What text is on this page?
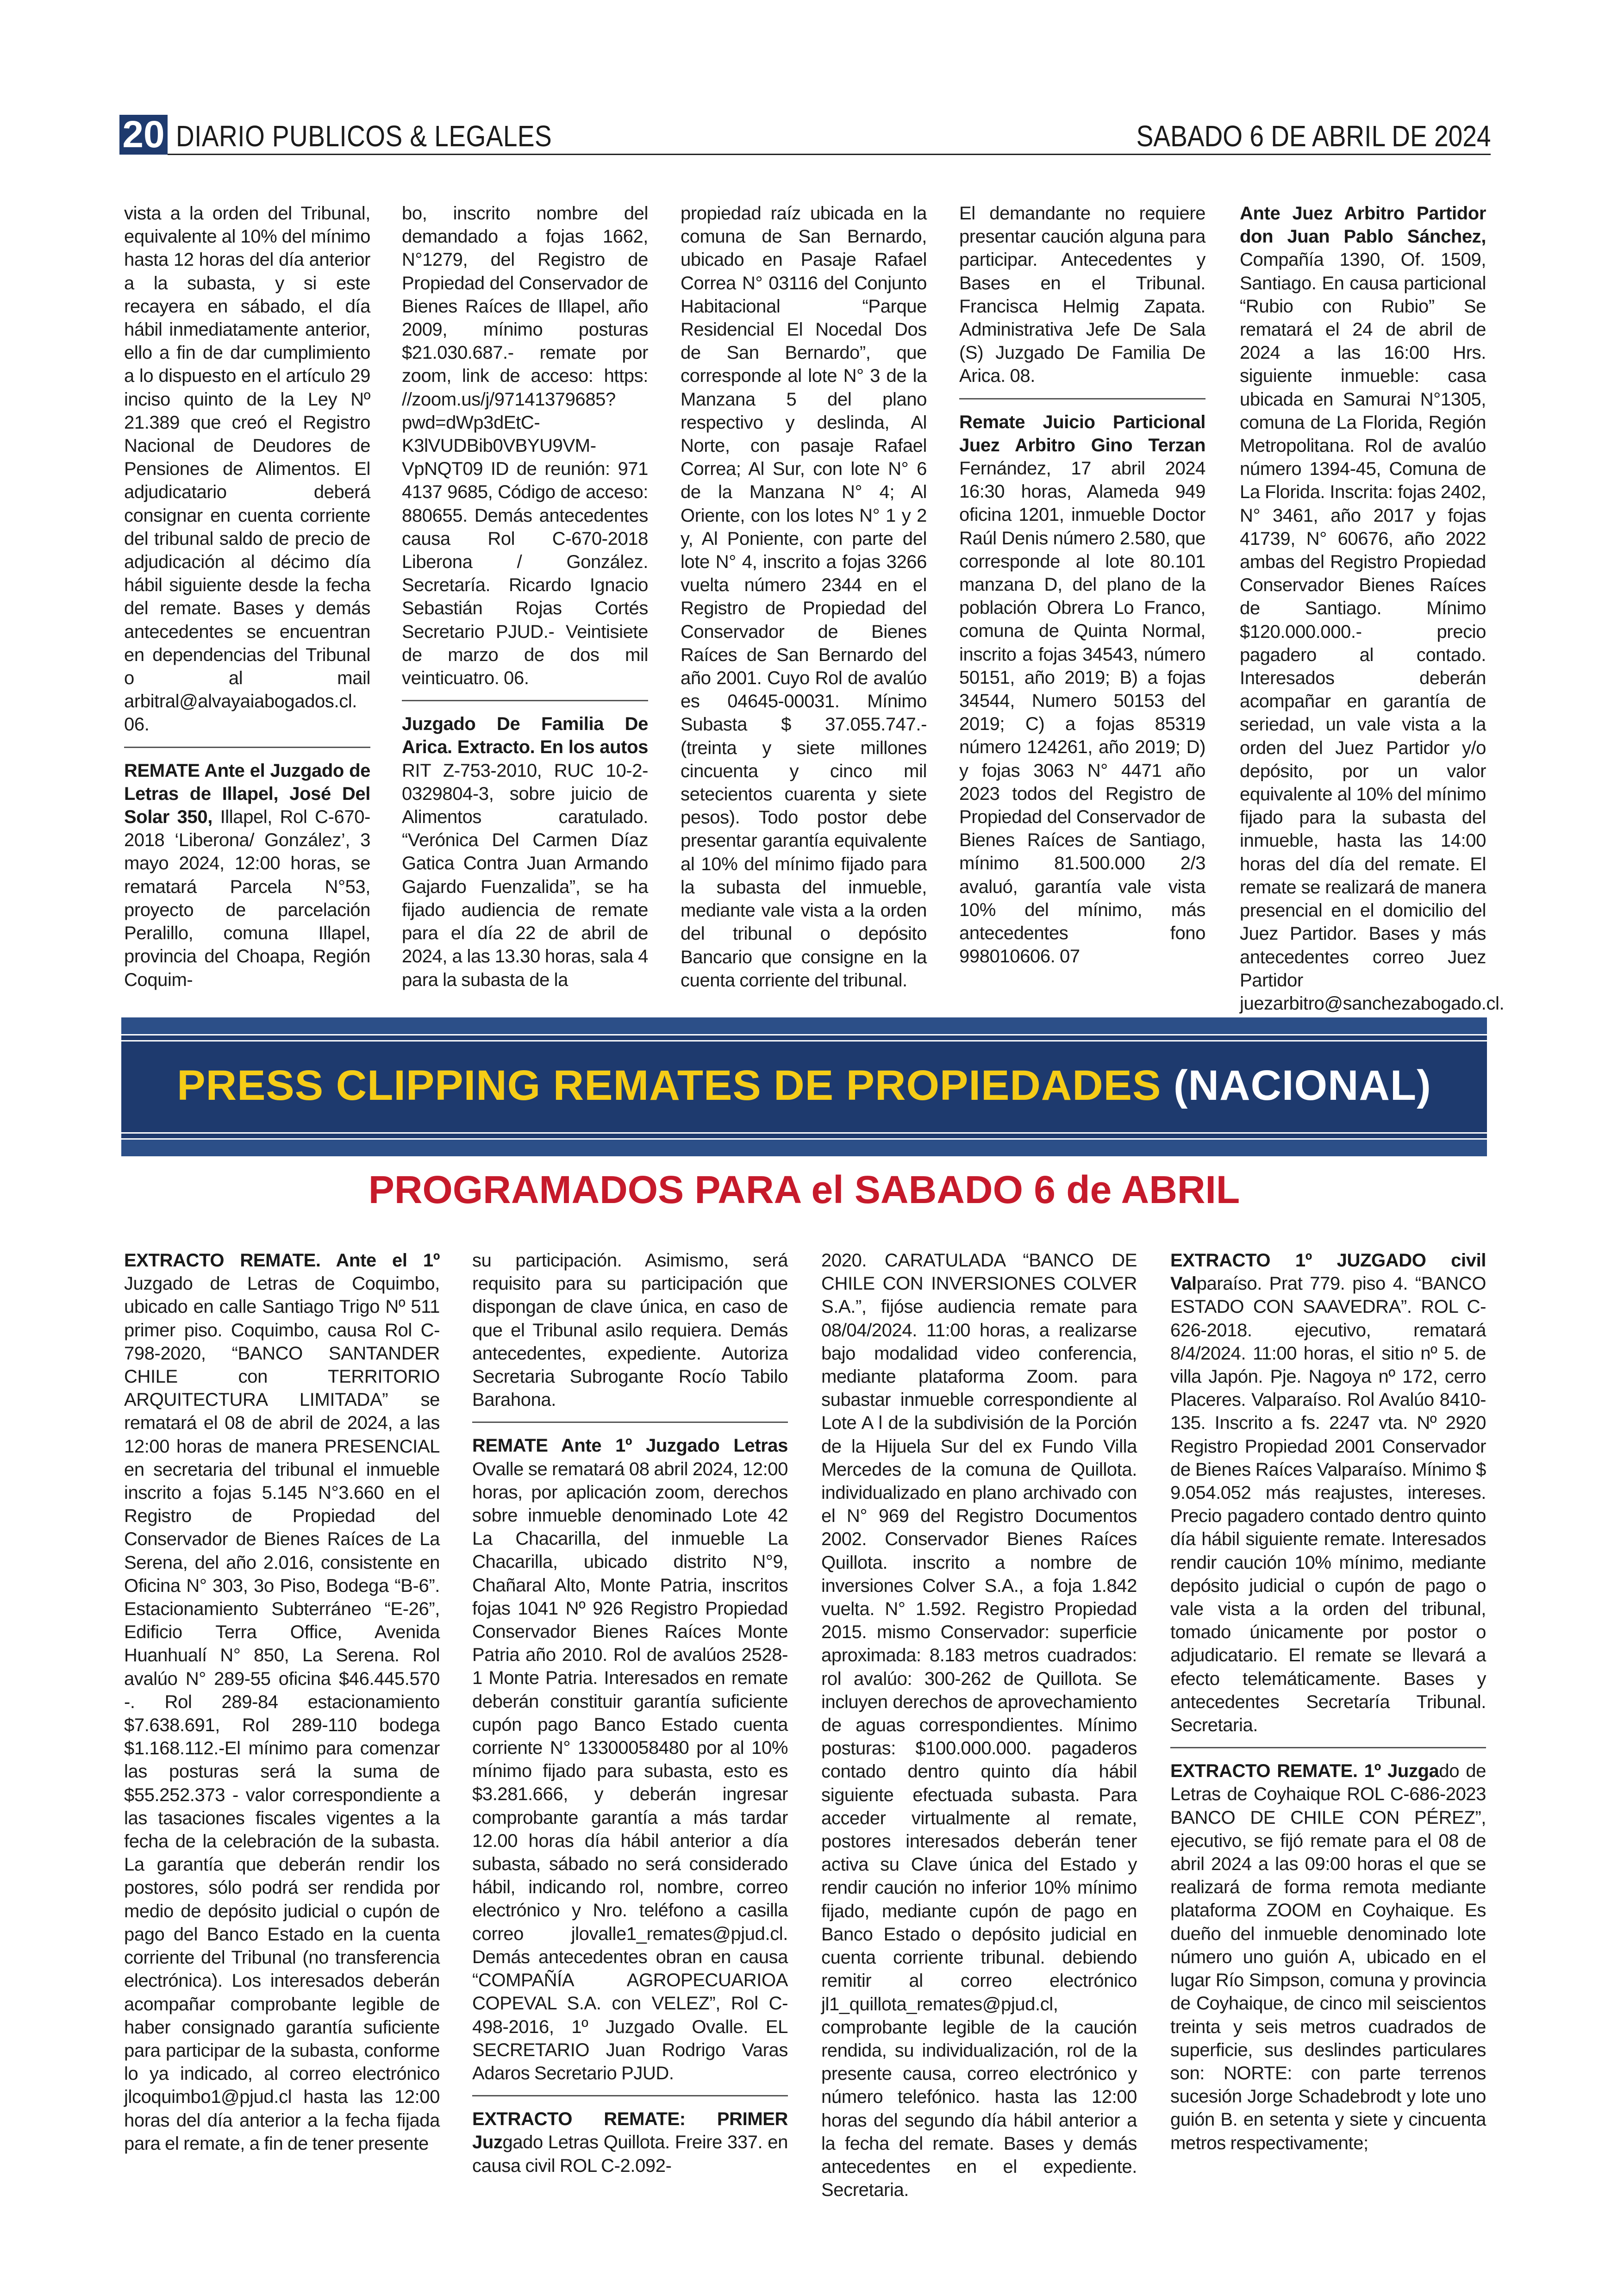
20 DIARIO PUBLICOS & LEGALES	SABADO 6 DE ABRIL DE 2024

vista a la orden del Tribunal, equivalente al 10% del mínimo hasta 12 horas del día anterior a la subasta, y si este recayera en sábado, el día hábil inmediatamente anterior, ello a fin de dar cumplimiento a lo dispuesto en el artículo 29 inciso quinto de la Ley Nº 21.389 que creó el Registro Nacional de Deudores de Pensiones de Alimentos. El adjudicatario deberá consignar en cuenta corriente del tribunal saldo de precio de adjudicación al décimo día hábil siguiente desde la fecha del remate. Bases y demás antecedentes se encuentran en dependencias del Tribunal o al mail arbitral@alvayaiabogados.cl. 06.

REMATE Ante el Juzgado de Letras de Illapel, José Del Solar 350, Illapel, Rol C-670-2018 ‘Liberona/ González’, 3 mayo 2024, 12:00 horas, se rematará Parcela N°53, proyecto de parcelación Peralillo, comuna Illapel, provincia del Choapa, Región Coquim-

bo, inscrito nombre del demandado a fojas 1662, N°1279, del Registro de Propiedad del Conservador de Bienes Raíces de Illapel, año 2009, mínimo posturas $21.030.687.- remate por zoom, link de acceso: https: //zoom.us/j/97141379685?pwd=dWp3dEtC-K3lVUDBib0VBYU9VM-VpNQT09 ID de reunión: 971 4137 9685, Código de acceso: 880655. Demás antecedentes causa Rol C-670-2018 Liberona / González. Secretaría. Ricardo Ignacio Sebastián Rojas Cortés Secretario PJUD.- Veintisiete de marzo de dos mil veinticuatro. 06.

Juzgado De Familia De Arica. Extracto. En los autos RIT Z-753-2010, RUC 10-2-0329804-3, sobre juicio de Alimentos caratulado. “Verónica Del Carmen Díaz Gatica Contra Juan Armando Gajardo Fuenzalida”, se ha fijado audiencia de remate para el día 22 de abril de 2024, a las 13.30 horas, sala 4 para la subasta de la

propiedad raíz ubicada en la comuna de San Bernardo, ubicado en Pasaje Rafael Correa N° 03116 del Conjunto Habitacional “Parque Residencial El Nocedal Dos de San Bernardo”, que corresponde al lote N° 3 de la Manzana 5 del plano respectivo y deslinda, Al Norte, con pasaje Rafael Correa; Al Sur, con lote N° 6 de la Manzana N° 4; Al Oriente, con los lotes N° 1 y 2 y, Al Poniente, con parte del lote N° 4, inscrito a fojas 3266 vuelta número 2344 en el Registro de Propiedad del Conservador de Bienes Raíces de San Bernardo del año 2001. Cuyo Rol de avalúo es 04645-00031. Mínimo Subasta $ 37.055.747.- (treinta y siete millones cincuenta y cinco mil setecientos cuarenta y siete pesos). Todo postor debe presentar garantía equivalente al 10% del mínimo fijado para la subasta del inmueble, mediante vale vista a la orden del tribunal o depósito Bancario que consigne en la cuenta corriente del tribunal.

El demandante no requiere presentar caución alguna para participar. Antecedentes y Bases en el Tribunal. Francisca Helmig Zapata. Administrativa Jefe De Sala (S) Juzgado De Familia De Arica. 08.

Remate Juicio Particional Juez Arbitro Gino Terzan Fernández, 17 abril 2024 16:30 horas, Alameda 949 oficina 1201, inmueble Doctor Raúl Denis número 2.580, que corresponde al lote 80.101 manzana D, del plano de la población Obrera Lo Franco, comuna de Quinta Normal, inscrito a fojas 34543, número 50151, año 2019; B) a fojas 34544, Numero 50153 del 2019; C) a fojas 85319 número 124261, año 2019; D) y fojas 3063 N° 4471 año 2023 todos del Registro de Propiedad del Conservador de Bienes Raíces de Santiago, mínimo 81.500.000 2/3 avaluó, garantía vale vista 10% del mínimo, más antecedentes fono 998010606. 07

Ante Juez Arbitro Partidor don Juan Pablo Sánchez, Compañía 1390, Of. 1509, Santiago. En causa particional “Rubio con Rubio” Se rematará el 24 de abril de 2024 a las 16:00 Hrs. siguiente inmueble: casa ubicada en Samurai N°1305, comuna de La Florida, Región Metropolitana. Rol de avalúo número 1394-45, Comuna de La Florida. Inscrita: fojas 2402, N° 3461, año 2017 y fojas 41739, N° 60676, año 2022 ambas del Registro Propiedad Conservador Bienes Raíces de Santiago. Mínimo $120.000.000.- precio pagadero al contado. Interesados deberán acompañar en garantía de seriedad, un vale vista a la orden del Juez Partidor y/o depósito, por un valor equivalente al 10% del mínimo fijado para la subasta del inmueble, hasta las 14:00 horas del día del remate. El remate se realizará de manera presencial en el domicilio del Juez Partidor. Bases y más antecedentes correo Juez Partidor juezarbitro@sanchezabogado.cl.

PRESS CLIPPING REMATES DE PROPIEDADES (NACIONAL)
PROGRAMADOS PARA el SABADO 6 de ABRIL

EXTRACTO REMATE. Ante el 1º Juzgado de Letras de Coquimbo, ubicado en calle Santiago Trigo Nº 511 primer piso. Coquimbo, causa Rol C-798-2020, “BANCO SANTANDER CHILE con TERRITORIO ARQUITECTURA LIMITADA” se rematará el 08 de abril de 2024, a las 12:00 horas de manera PRESENCIAL en secretaria del tribunal el inmueble inscrito a fojas 5.145 N°3.660 en el Registro de Propiedad del Conservador de Bienes Raíces de La Serena, del año 2.016, consistente en Oficina N° 303, 3o Piso, Bodega “B-6”. Estacionamiento Subterráneo “E-26”, Edificio Terra Office, Avenida Huanhualí N° 850, La Serena. Rol avalúo N° 289-55 oficina $46.445.570 -. Rol 289-84 estacionamiento $7.638.691, Rol 289-110 bodega $1.168.112.-El mínimo para comenzar las posturas será la suma de $55.252.373 - valor correspondiente a las tasaciones fiscales vigentes a la fecha de la celebración de la subasta. La garantía que deberán rendir los postores, sólo podrá ser rendida por medio de depósito judicial o cupón de pago del Banco Estado en la cuenta corriente del Tribunal (no transferencia electrónica). Los interesados deberán acompañar comprobante legible de haber consignado garantía suficiente para participar de la subasta, conforme lo ya indicado, al correo electrónico jlcoquimbo1@pjud.cl hasta las 12:00 horas del día anterior a la fecha fijada para el remate, a fin de tener presente

su participación. Asimismo, será requisito para su participación que dispongan de clave única, en caso de que el Tribunal asilo requiera. Demás antecedentes, expediente. Autoriza Secretaria Subrogante Rocío Tabilo Barahona.

REMATE Ante 1º Juzgado Letras Ovalle se rematará 08 abril 2024, 12:00 horas, por aplicación zoom, derechos sobre inmueble denominado Lote 42 La Chacarilla, del inmueble La Chacarilla, ubicado distrito N°9, Chañaral Alto, Monte Patria, inscritos fojas 1041 Nº 926 Registro Propiedad Conservador Bienes Raíces Monte Patria año 2010. Rol de avalúos 2528-1 Monte Patria. Interesados en remate deberán constituir garantía suficiente cupón pago Banco Estado cuenta corriente N° 13300058480 por al 10% mínimo fijado para subasta, esto es $3.281.666, y deberán ingresar comprobante garantía a más tardar 12.00 horas día hábil anterior a día subasta, sábado no será considerado hábil, indicando rol, nombre, correo electrónico y Nro. teléfono a casilla correo jlovalle1_remates@pjud.cl. Demás antecedentes obran en causa “COMPAÑÍA AGROPECUARIOA COPEVAL S.A. con VELEZ”, Rol C-498-2016, 1º Juzgado Ovalle. EL SECRETARIO Juan Rodrigo Varas Adaros Secretario PJUD.

EXTRACTO REMATE: PRIMER Juzgado Letras Quillota. Freire 337. en causa civil ROL C-2.092-

2020. CARATULADA “BANCO DE CHILE CON INVERSIONES COLVER S.A.”, fijóse audiencia remate para 08/04/2024. 11:00 horas, a realizarse bajo modalidad video conferencia, mediante plataforma Zoom. para subastar inmueble correspondiente al Lote A l de la subdivisión de la Porción de la Hijuela Sur del ex Fundo Villa Mercedes de la comuna de Quillota. individualizado en plano archivado con el N° 969 del Registro Documentos 2002. Conservador Bienes Raíces Quillota. inscrito a nombre de inversiones Colver S.A., a foja 1.842 vuelta. N° 1.592. Registro Propiedad 2015. mismo Conservador: superficie aproximada: 8.183 metros cuadrados: rol avalúo: 300-262 de Quillota. Se incluyen derechos de aprovechamiento de aguas correspondientes. Mínimo posturas: $100.000.000. pagaderos contado dentro quinto día hábil siguiente efectuada subasta. Para acceder virtualmente al remate, postores interesados deberán tener activa su Clave única del Estado y rendir caución no inferior 10% mínimo fijado, mediante cupón de pago en Banco Estado o depósito judicial en cuenta corriente tribunal. debiendo remitir al correo electrónico jl1_quillota_remates@pjud.cl, comprobante legible de la caución rendida, su individualización, rol de la presente causa, correo electrónico y número telefónico. hasta las 12:00 horas del segundo día hábil anterior a la fecha del remate. Bases y demás antecedentes en el expediente. Secretaria.

EXTRACTO 1º JUZGADO civil Valparaíso. Prat 779. piso 4. “BANCO ESTADO CON SAAVEDRA”. ROL C-626-2018. ejecutivo, rematará 8/4/2024. 11:00 horas, el sitio nº 5. de villa Japón. Pje. Nagoya nº 172, cerro Placeres. Valparaíso. Rol Avalúo 8410-135. Inscrito a fs. 2247 vta. Nº 2920 Registro Propiedad 2001 Conservador de Bienes Raíces Valparaíso. Mínimo $ 9.054.052 más reajustes, intereses. Precio pagadero contado dentro quinto día hábil siguiente remate. Interesados rendir caución 10% mínimo, mediante depósito judicial o cupón de pago o vale vista a la orden del tribunal, tomado únicamente por postor o adjudicatario. El remate se llevará a efecto telemáticamente. Bases y antecedentes Secretaría Tribunal. Secretaria.

EXTRACTO REMATE. 1º Juzgado de Letras de Coyhaique ROL C-686-2023 BANCO DE CHILE CON PÉREZ”, ejecutivo, se fijó remate para el 08 de abril 2024 a las 09:00 horas el que se realizará de forma remota mediante plataforma ZOOM en Coyhaique. Es dueño del inmueble denominado lote número uno guión A, ubicado en el lugar Río Simpson, comuna y provincia de Coyhaique, de cinco mil seiscientos treinta y seis metros cuadrados de superficie, sus deslindes particulares son: NORTE: con parte terrenos sucesión Jorge Schadebrodt y lote uno guión B. en setenta y siete y cincuenta metros respectivamente;
